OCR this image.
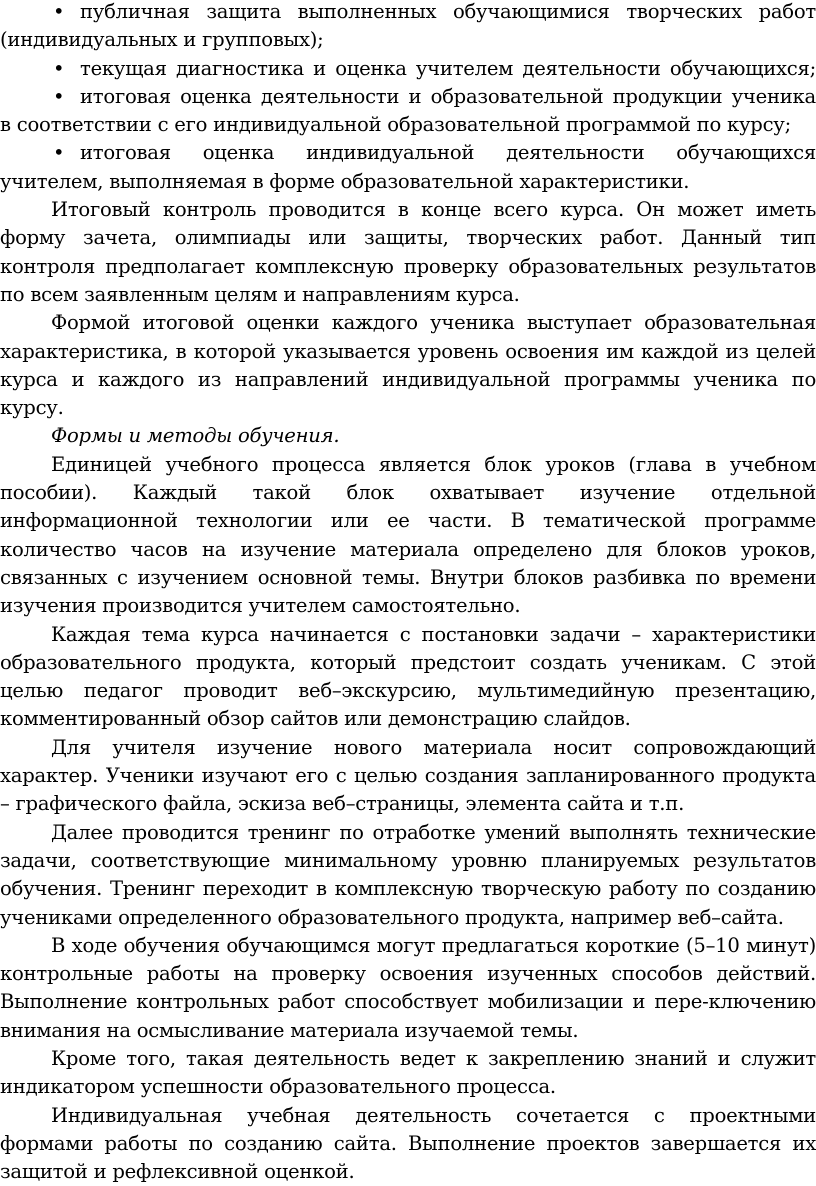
• публичная защита выполненных обучающимися творческих работ

(индивидуальных и групповых);

• текущая диагностика и оценка учителем деятельности обучающихся;

• итоговая оценка деятельности и образовательной продукции ученика

в соответствии с его индивидуальной образовательной программой по курсу;

• итоговая оценка индивидуальной деятельности обучающихся

учителем, выполняемая в форме образовательной характеристики.

Итоговый контроль проводится в конце всего курса. Он может иметь форму зачета, олимпиады или защиты, творческих работ. Данный тип контроля предполагает комплексную проверку образовательных результатов по всем заявленным целям и направлениям курса.

Формой итоговой оценки каждого ученика выступает образовательная характеристика, в которой указывается уровень освоения им каждой из целей курса и каждого из направлений индивидуальной программы ученика по курсу.

Формы и методы обучения.

Единицей учебного процесса является блок уроков (глава в учебном пособии). Каждый такой блок охватывает изучение отдельной информационной технологии или ее части. В тематической программе количество часов на изучение материала определено для блоков уроков, связанных с изучением основной темы. Внутри блоков разбивка по времени изучения производится учителем самостоятельно.

Каждая тема курса начинается с постановки задачи – характеристики образовательного продукта, который предстоит создать ученикам. С этой целью педагог проводит веб–экскурсию, мультимедийную презентацию, комментированный обзор сайтов или демонстрацию слайдов.

Для учителя изучение нового материала носит сопровождающий характер. Ученики изучают его с целью создания запланированного продукта – графического файла, эскиза веб–страницы, элемента сайта и т.п.

Далее проводится тренинг по отработке умений выполнять технические задачи, соответствующие минимальному уровню планируемых результатов обучения. Тренинг переходит в комплексную творческую работу по созданию учениками определенного образовательного продукта, например веб–сайта.

В ходе обучения обучающимся могут предлагаться короткие (5–10 минут) контрольные работы на проверку освоения изученных способов действий. Выполнение контрольных работ способствует мобилизации и пере-ключению внимания на осмысливание материала изучаемой темы.

Кроме того, такая деятельность ведет к закреплению знаний и служит индикатором успешности образовательного процесса.

Индивидуальная учебная деятельность сочетается с проектными формами работы по созданию сайта. Выполнение проектов завершается их защитой и рефлексивной оценкой.
